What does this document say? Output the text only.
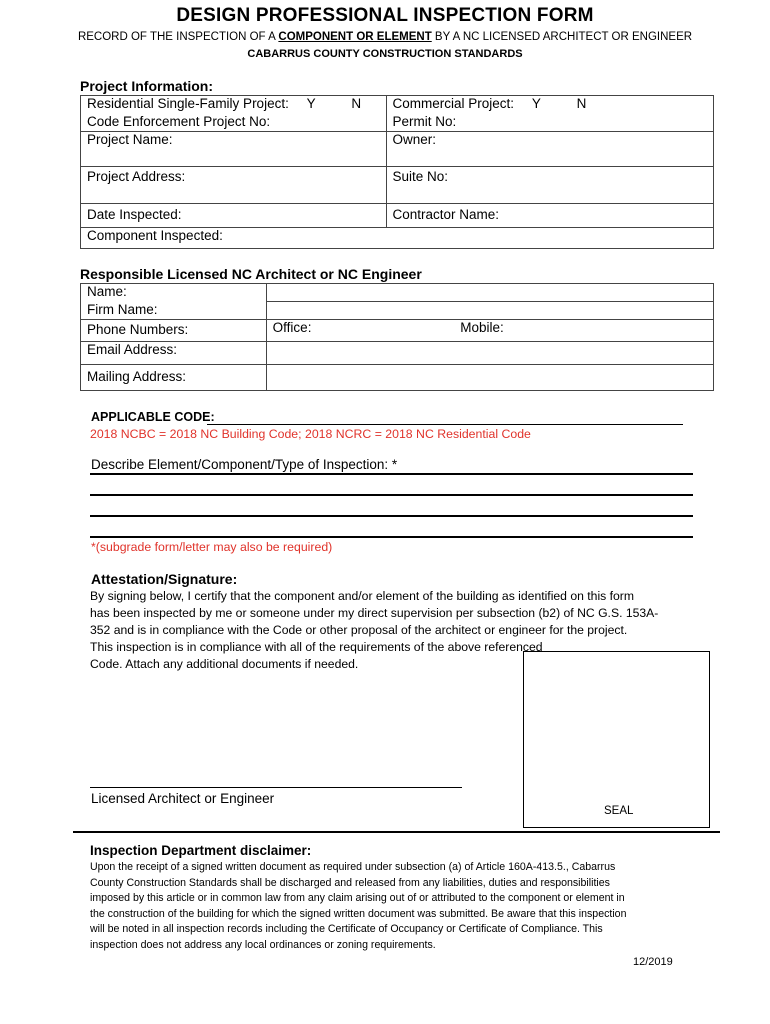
DESIGN PROFESSIONAL INSPECTION FORM
RECORD OF THE INSPECTION OF A COMPONENT OR ELEMENT BY A NC LICENSED ARCHITECT OR ENGINEER
CABARRUS COUNTY CONSTRUCTION STANDARDS
Project Information:
Residential Single-Family Project: Y N	Commercial Project: Y N
Code Enforcement Project No:	Permit No:
Project Name:	Owner:
Project Address:	Suite No:
Date Inspected:	Contractor Name:
Component Inspected:	
Responsible Licensed NC Architect or NC Engineer
Name:	
Firm Name:	
Phone Numbers:	Office: Mobile:
Email Address:	
Mailing Address:	
APPLICABLE CODE:
2018 NCBC = 2018 NC Building Code; 2018 NCRC = 2018 NC Residential Code
Describe Element/Component/Type of Inspection: *
*(subgrade form/letter may also be required)
Attestation/Signature:
By signing below, I certify that the component and/or element of the building as identified on this form
has been inspected by me or someone under my direct supervision per subsection (b2) of NC G.S. 153A-
352 and is in compliance with the Code or other proposal of the architect or engineer for the project.
This inspection is in compliance with all of the requirements of the above referenced
Code. Attach any additional documents if needed.
SEAL
Licensed Architect or Engineer
Inspection Department disclaimer:
Upon the receipt of a signed written document as required under subsection (a) of Article 160A-413.5., Cabarrus
County Construction Standards shall be discharged and released from any liabilities, duties and responsibilities
imposed by this article or in common law from any claim arising out of or attributed to the component or element in
the construction of the building for which the signed written document was submitted. Be aware that this inspection
will be noted in all inspection records including the Certificate of Occupancy or Certificate of Compliance. This
inspection does not address any local ordinances or zoning requirements.
12/2019
